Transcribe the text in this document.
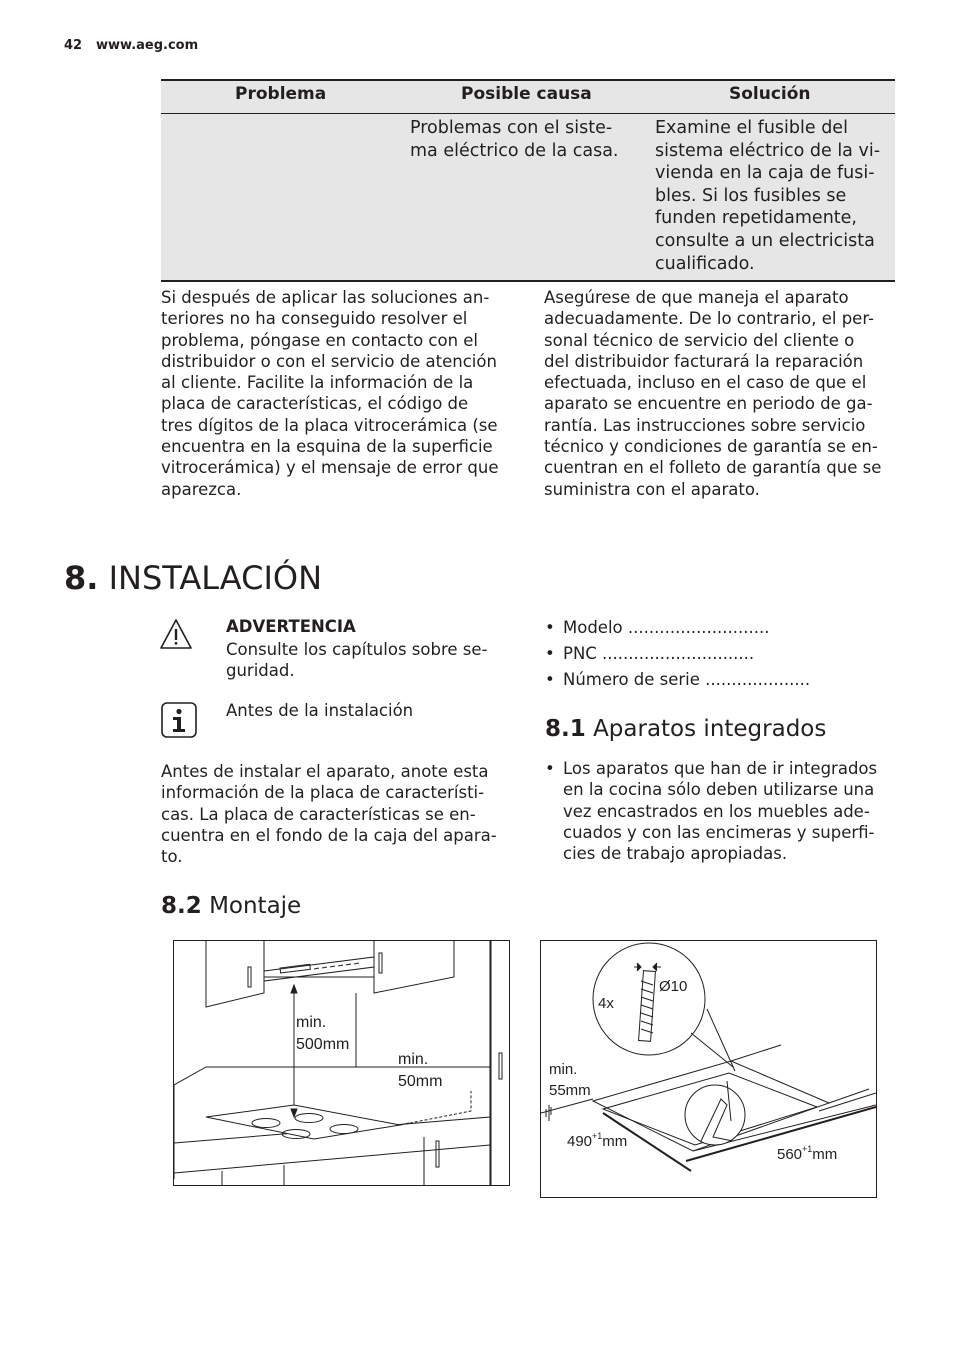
42 www.aeg.com
Problema	Posible causa	Solución
Problemas con el siste-
ma eléctrico de la casa.
Examine el fusible del
sistema eléctrico de la vi-
vienda en la caja de fusi-
bles. Si los fusibles se
funden repetidamente,
consulte a un electricista
cualificado.
Si después de aplicar las soluciones an-
teriores no ha conseguido resolver el
problema, póngase en contacto con el
distribuidor o con el servicio de atención
al cliente. Facilite la información de la
placa de características, el código de
tres dígitos de la placa vitrocerámica (se
encuentra en la esquina de la superficie
vitrocerámica) y el mensaje de error que
aparezca.
Asegúrese de que maneja el aparato
adecuadamente. De lo contrario, el per-
sonal técnico de servicio del cliente o
del distribuidor facturará la reparación
efectuada, incluso en el caso de que el
aparato se encuentre en periodo de ga-
rantía. Las instrucciones sobre servicio
técnico y condiciones de garantía se en-
cuentran en el folleto de garantía que se
suministra con el aparato.
8. INSTALACIÓN
ADVERTENCIA
Consulte los capítulos sobre se-
guridad.
Antes de la instalación
Antes de instalar el aparato, anote esta
información de la placa de característi-
cas. La placa de características se en-
cuentra en el fondo de la caja del apara-
to.
• Modelo ...........................
• PNC .............................
• Número de serie ....................
8.1 Aparatos integrados
• Los aparatos que han de ir integrados
en la cocina sólo deben utilizarse una
vez encastrados en los muebles ade-
cuados y con las encimeras y superfi-
cies de trabajo apropiadas.
8.2 Montaje
min.
500mm
min.
50mm
4x
Ø10
min.
55mm
$490^{+1}mm$
$560^{+1}mm$
